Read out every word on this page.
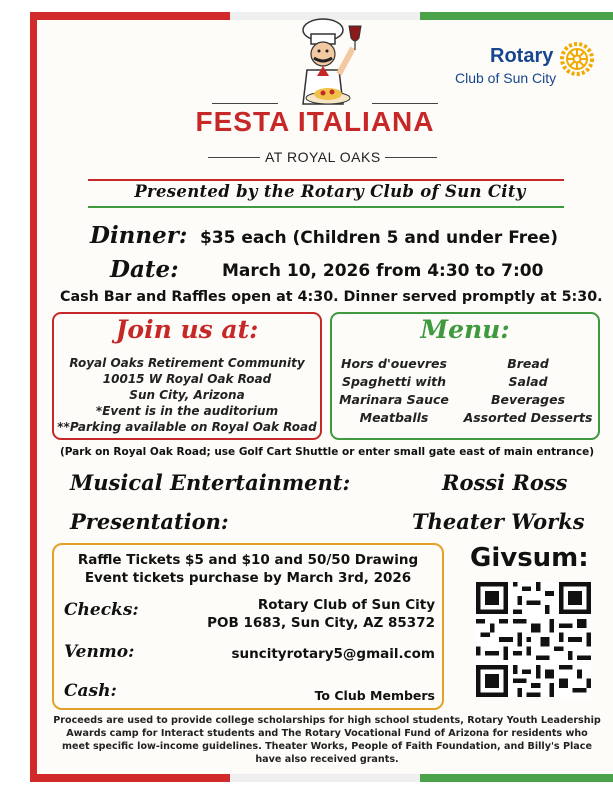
Rotary
Club of Sun City
FESTA ITALIANA
AT ROYAL OAKS
Presented by the Rotary Club of Sun City
Dinner: $35 each (Children 5 and under Free)
Date:	March 10, 2026 from 4:30 to 7:00
Cash Bar and Raffles open at 4:30. Dinner served promptly at 5:30.
Join us at:
Royal Oaks Retirement Community
10015 W Royal Oak Road
Sun City, Arizona
*Event is in the auditorium
**Parking available on Royal Oak Road
Menu:
Hors d'ouevres
Spaghetti with
Marinara Sauce
Meatballs
Bread
Salad
Beverages
Assorted Desserts
(Park on Royal Oak Road; use Golf Cart Shuttle or enter small gate east of main entrance)
Musical Entertainment:	Rossi Ross
Presentation:	Theater Works
Raffle Tickets $5 and $10 and 50/50 Drawing
Event tickets purchase by March 3rd, 2026
Checks:	Rotary Club of Sun City
POB 1683, Sun City, AZ 85372
Venmo:	suncityrotary5@gmail.com
Cash:	To Club Members
Givsum:
Proceeds are used to provide college scholarships for high school students, Rotary Youth Leadership Awards camp for Interact students and The Rotary Vocational Fund of Arizona for residents who meet specific low-income guidelines. Theater Works, People of Faith Foundation, and Billy's Place have also received grants.
